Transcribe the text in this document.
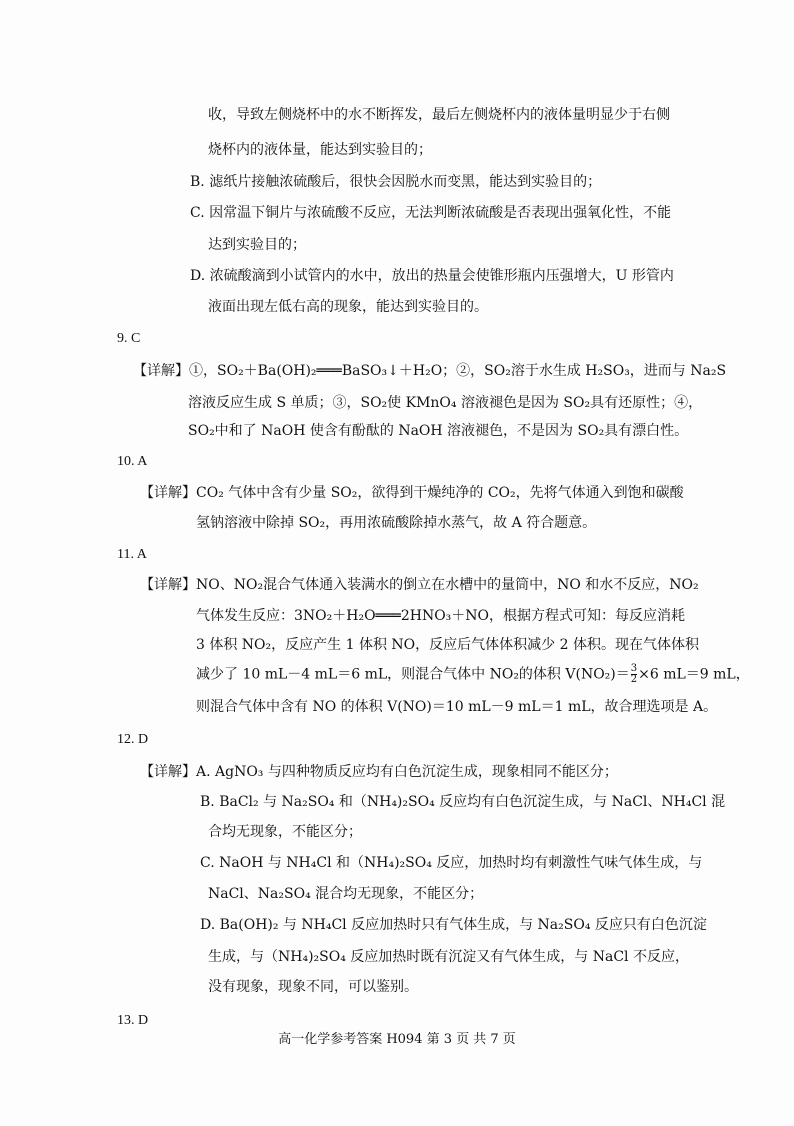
收，导致左侧烧杯中的水不断挥发，最后左侧烧杯内的液体量明显少于右侧
烧杯内的液体量，能达到实验目的；
B. 滤纸片接触浓硫酸后，很快会因脱水而变黑，能达到实验目的；
C. 因常温下铜片与浓硫酸不反应，无法判断浓硫酸是否表现出强氧化性，不能
达到实验目的；
D. 浓硫酸滴到小试管内的水中，放出的热量会使锥形瓶内压强增大，U 形管内
液面出现左低右高的现象，能达到实验目的。
9. C
【详解】①，SO₂＋Ba(OH)₂═══BaSO₃↓＋H₂O；②，SO₂溶于水生成 H₂SO₃，进而与 Na₂S
溶液反应生成 S 单质；③，SO₂使 KMnO₄ 溶液褪色是因为 SO₂具有还原性；④，
SO₂中和了 NaOH 使含有酚酞的 NaOH 溶液褪色，不是因为 SO₂具有漂白性。
10. A
【详解】CO₂ 气体中含有少量 SO₂，欲得到干燥纯净的 CO₂，先将气体通入到饱和碳酸
氢钠溶液中除掉 SO₂，再用浓硫酸除掉水蒸气，故 A 符合题意。
11. A
【详解】NO、NO₂混合气体通入装满水的倒立在水槽中的量筒中，NO 和水不反应，NO₂
气体发生反应：3NO₂＋H₂O═══2HNO₃＋NO，根据方程式可知：每反应消耗
3 体积 NO₂，反应产生 1 体积 NO，反应后气体体积减少 2 体积。现在气体体积
减少了 10 mL－4 mL＝6 mL，则混合气体中 NO₂的体积 $V(NO_2)= \frac{3}{2} \times 6$ mL＝9 mL，
则混合气体中含有 NO 的体积 V(NO)＝10 mL－9 mL＝1 mL，故合理选项是 A。
12. D
【详解】A. AgNO₃ 与四种物质反应均有白色沉淀生成，现象相同不能区分；
B. BaCl₂ 与 Na₂SO₄ 和（NH₄)₂SO₄ 反应均有白色沉淀生成，与 NaCl、NH₄Cl 混
合均无现象，不能区分；
C. NaOH 与 NH₄Cl 和（NH₄)₂SO₄ 反应，加热时均有刺激性气味气体生成，与
NaCl、Na₂SO₄ 混合均无现象，不能区分；
D. Ba(OH)₂ 与 NH₄Cl 反应加热时只有气体生成，与 Na₂SO₄ 反应只有白色沉淀
生成，与（NH₄)₂SO₄ 反应加热时既有沉淀又有气体生成，与 NaCl 不反应，
没有现象，现象不同，可以鉴别。
13. D
高一化学参考答案 H094 第 3 页 共 7 页
